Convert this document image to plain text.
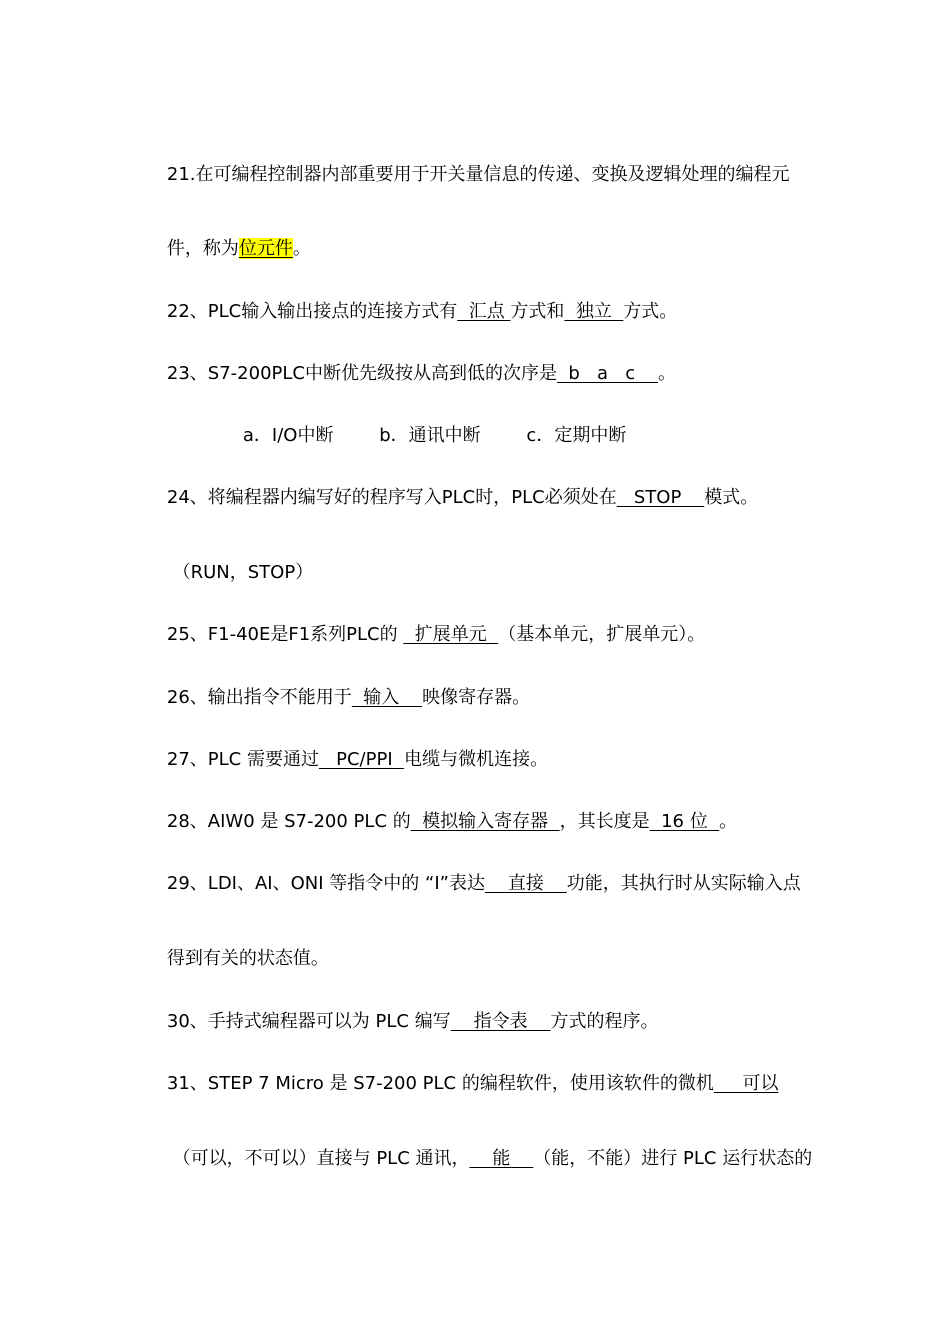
21.在可编程控制器内部重要用于开关量信息的传递、变换及逻辑处理的编程元

件，称为位元件。

22、PLC输入输出接点的连接方式有  汇点 方式和  独立  方式。

23、S7-200PLC中断优先级按从高到低的次序是  b   a   c    。

a．I/O中断        b．通讯中断        c．定期中断

24、将编程器内编写好的程序写入PLC时，PLC必须处在   STOP    模式。

（RUN，STOP）

25、F1-40E是F1系列PLC的   扩展单元  （基本单元，扩展单元）。

26、输出指令不能用于  输入    映像寄存器。

27、PLC 需要通过   PC/PPI  电缆与微机连接。

28、AIW0 是 S7-200 PLC 的  模拟输入寄存器  ，其长度是  16 位  。

29、LDI、AI、ONI 等指令中的 “I”表达    直接    功能，其执行时从实际输入点

得到有关的状态值。

30、手持式编程器可以为 PLC 编写    指令表    方式的程序。

31、STEP 7 Micro 是 S7-200 PLC 的编程软件，使用该软件的微机     可以

（可以，不可以）直接与 PLC 通讯，    能    （能，不能）进行 PLC 运行状态的
